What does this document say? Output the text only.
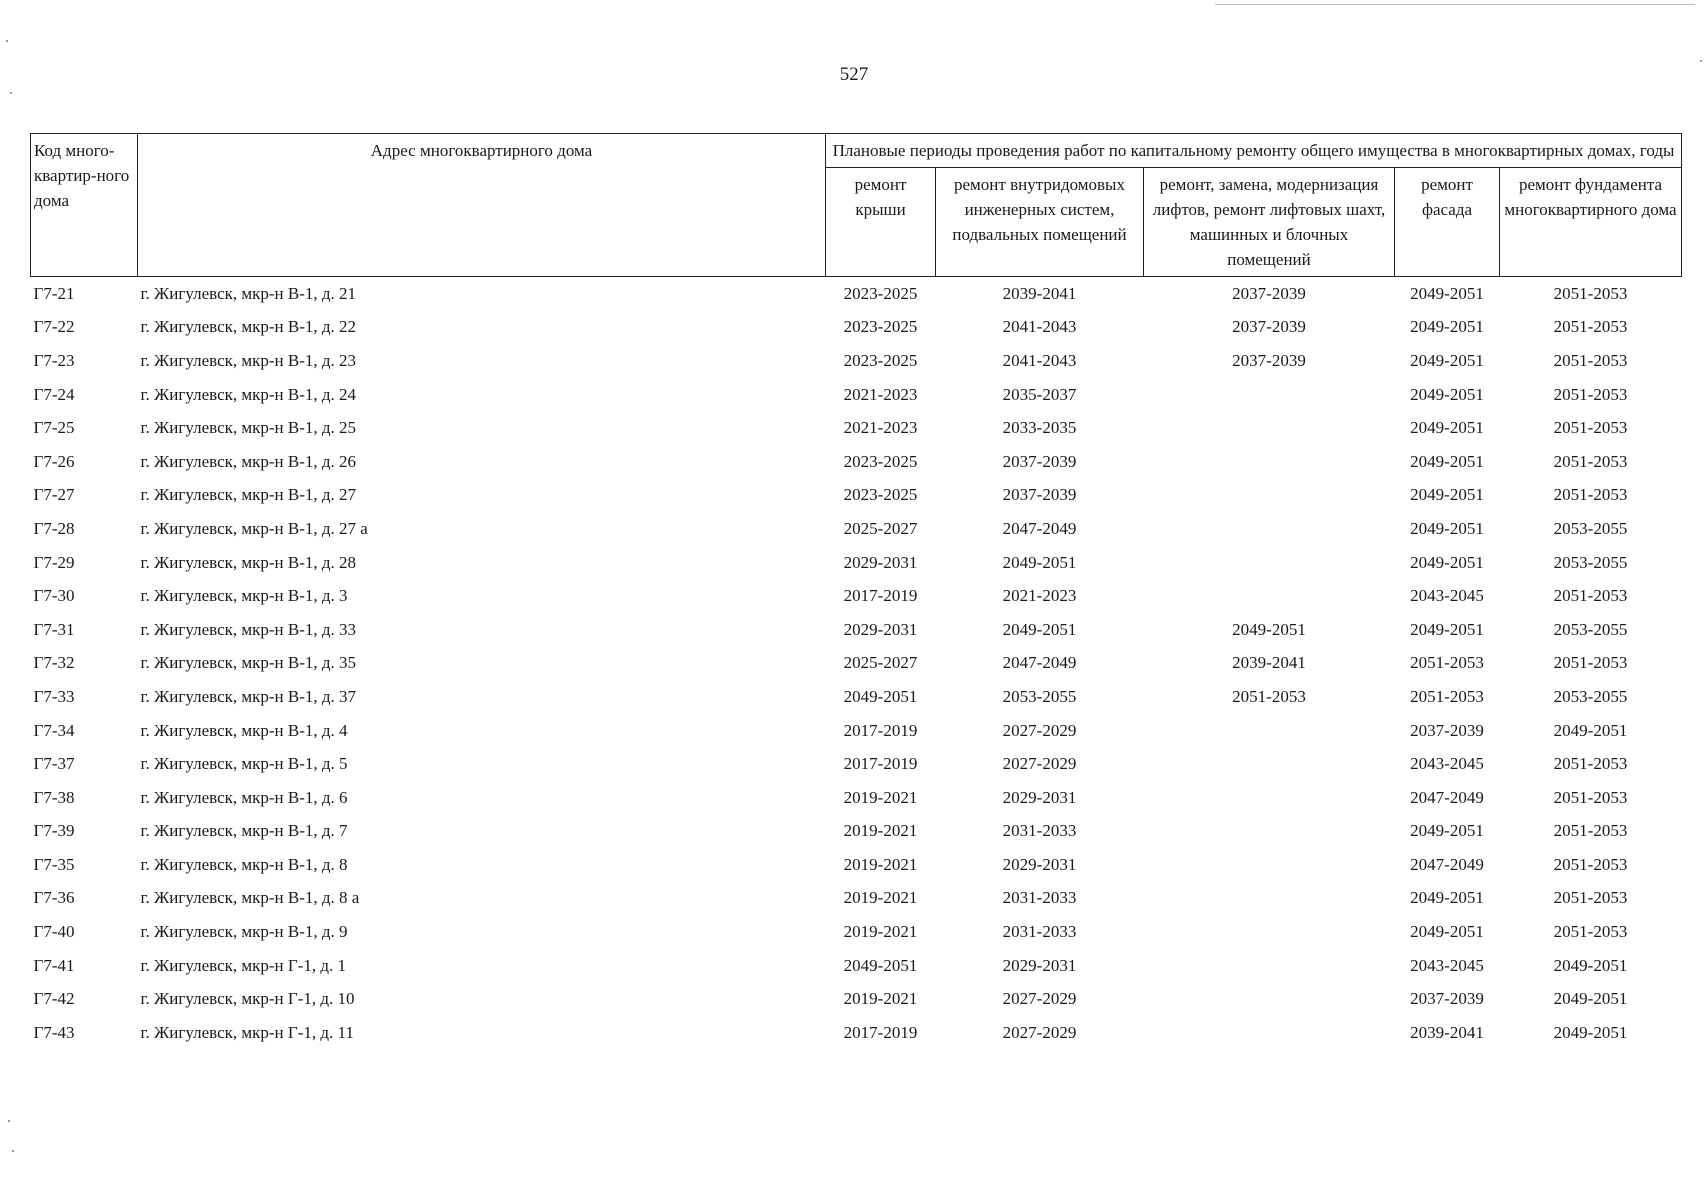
527
Код много-квартир-ного дома	Адрес многоквартирного дома	Плановые периоды проведения работ по капитальному ремонту общего имущества в многоквартирных домах, годы				
		ремонт крыши	ремонт внутридомовых инженерных систем, подвальных помещений	ремонт, замена, модернизация лифтов, ремонт лифтовых шахт, машинных и блочных помещений	ремонт фасада	ремонт фундамента многоквартирного дома
Г7-21	г. Жигулевск, мкр-н В-1, д. 21	2023-2025	2039-2041	2037-2039	2049-2051	2051-2053
Г7-22	г. Жигулевск, мкр-н В-1, д. 22	2023-2025	2041-2043	2037-2039	2049-2051	2051-2053
Г7-23	г. Жигулевск, мкр-н В-1, д. 23	2023-2025	2041-2043	2037-2039	2049-2051	2051-2053
Г7-24	г. Жигулевск, мкр-н В-1, д. 24	2021-2023	2035-2037		2049-2051	2051-2053
Г7-25	г. Жигулевск, мкр-н В-1, д. 25	2021-2023	2033-2035		2049-2051	2051-2053
Г7-26	г. Жигулевск, мкр-н В-1, д. 26	2023-2025	2037-2039		2049-2051	2051-2053
Г7-27	г. Жигулевск, мкр-н В-1, д. 27	2023-2025	2037-2039		2049-2051	2051-2053
Г7-28	г. Жигулевск, мкр-н В-1, д. 27 а	2025-2027	2047-2049		2049-2051	2053-2055
Г7-29	г. Жигулевск, мкр-н В-1, д. 28	2029-2031	2049-2051		2049-2051	2053-2055
Г7-30	г. Жигулевск, мкр-н В-1, д. 3	2017-2019	2021-2023		2043-2045	2051-2053
Г7-31	г. Жигулевск, мкр-н В-1, д. 33	2029-2031	2049-2051	2049-2051	2049-2051	2053-2055
Г7-32	г. Жигулевск, мкр-н В-1, д. 35	2025-2027	2047-2049	2039-2041	2051-2053	2051-2053
Г7-33	г. Жигулевск, мкр-н В-1, д. 37	2049-2051	2053-2055	2051-2053	2051-2053	2053-2055
Г7-34	г. Жигулевск, мкр-н В-1, д. 4	2017-2019	2027-2029		2037-2039	2049-2051
Г7-37	г. Жигулевск, мкр-н В-1, д. 5	2017-2019	2027-2029		2043-2045	2051-2053
Г7-38	г. Жигулевск, мкр-н В-1, д. 6	2019-2021	2029-2031		2047-2049	2051-2053
Г7-39	г. Жигулевск, мкр-н В-1, д. 7	2019-2021	2031-2033		2049-2051	2051-2053
Г7-35	г. Жигулевск, мкр-н В-1, д. 8	2019-2021	2029-2031		2047-2049	2051-2053
Г7-36	г. Жигулевск, мкр-н В-1, д. 8 а	2019-2021	2031-2033		2049-2051	2051-2053
Г7-40	г. Жигулевск, мкр-н В-1, д. 9	2019-2021	2031-2033		2049-2051	2051-2053
Г7-41	г. Жигулевск, мкр-н Г-1, д. 1	2049-2051	2029-2031		2043-2045	2049-2051
Г7-42	г. Жигулевск, мкр-н Г-1, д. 10	2019-2021	2027-2029		2037-2039	2049-2051
Г7-43	г. Жигулевск, мкр-н Г-1, д. 11	2017-2019	2027-2029		2039-2041	2049-2051
